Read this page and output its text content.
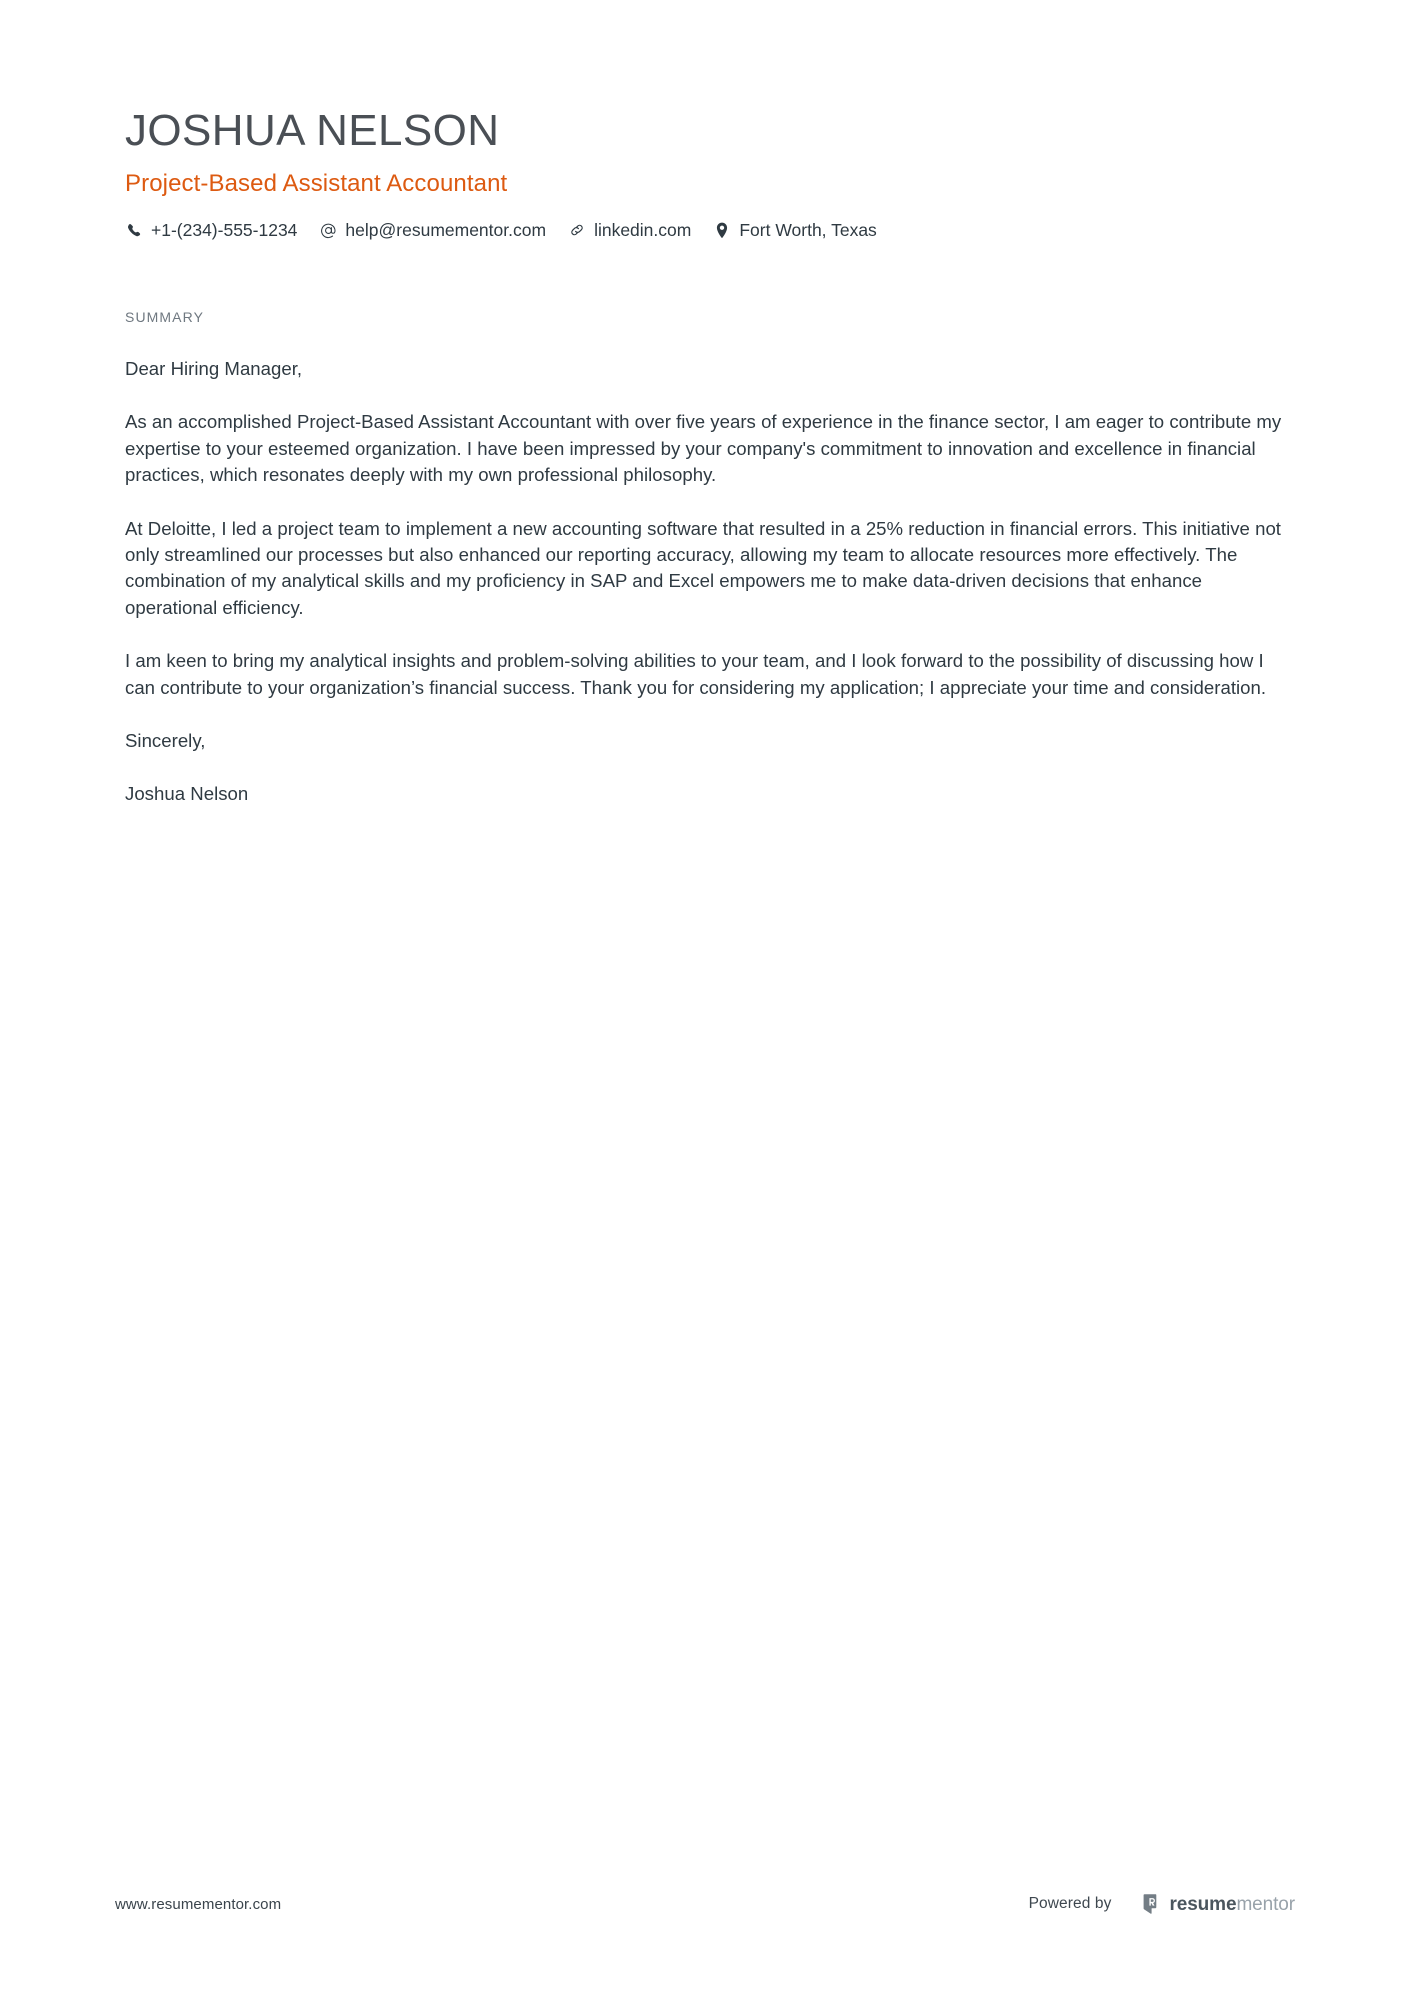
JOSHUA NELSON
Project-Based Assistant Accountant
+1-(234)-555-1234	help@resumementor.com	linkedin.com	Fort Worth, Texas
SUMMARY

Dear Hiring Manager,

As an accomplished Project-Based Assistant Accountant with over five years of experience in the finance sector, I am eager to contribute my expertise to your esteemed organization. I have been impressed by your company's commitment to innovation and excellence in financial practices, which resonates deeply with my own professional philosophy.

At Deloitte, I led a project team to implement a new accounting software that resulted in a 25% reduction in financial errors. This initiative not only streamlined our processes but also enhanced our reporting accuracy, allowing my team to allocate resources more effectively. The combination of my analytical skills and my proficiency in SAP and Excel empowers me to make data-driven decisions that enhance operational efficiency.

I am keen to bring my analytical insights and problem-solving abilities to your team, and I look forward to the possibility of discussing how I can contribute to your organization’s financial success. Thank you for considering my application; I appreciate your time and consideration.

Sincerely,

Joshua Nelson

www.resumementor.com	Powered by	resumementor
